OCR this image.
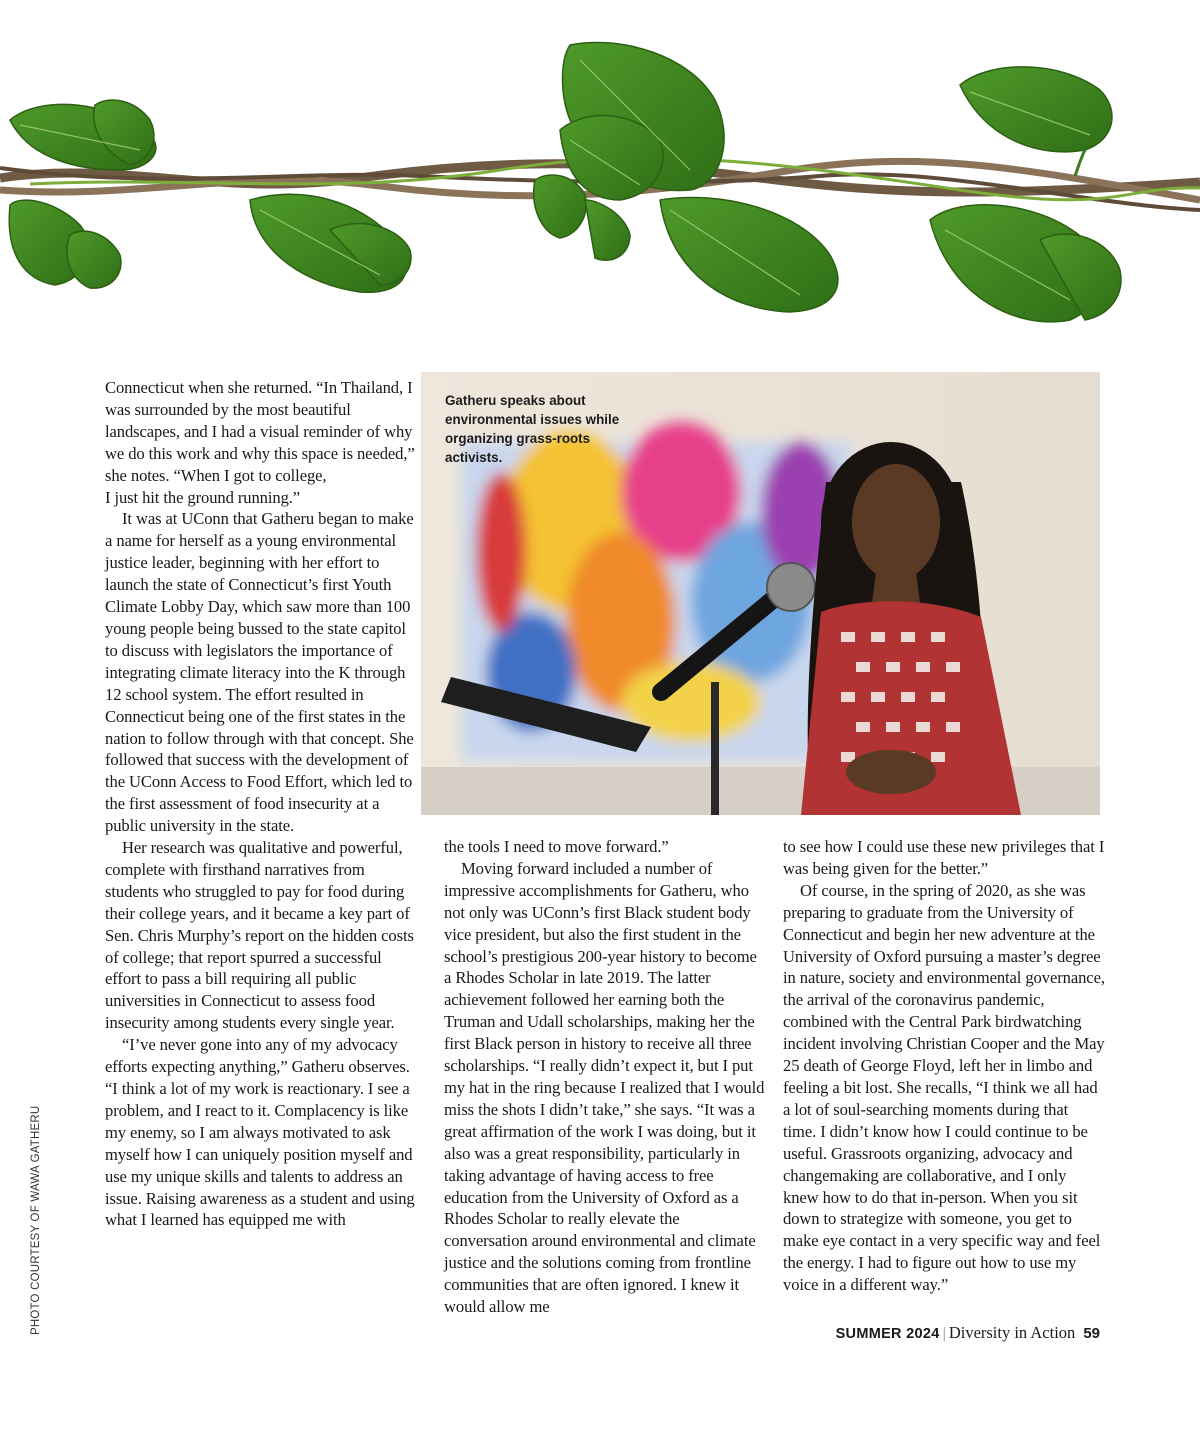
Connecticut when she returned. “In Thailand, I was surrounded by the most beautiful landscapes, and I had a visual reminder of why we do this work and why this space is needed,” she notes. “When I got to college,

I just hit the ground running.”

It was at UConn that Gatheru began to make a name for herself as a young environmental justice leader, beginning with her effort to launch the state of Connecticut’s first Youth Climate Lobby Day, which saw more than 100 young people being bussed to the state capitol to discuss with legislators the importance of integrating climate literacy into the K through 12 school system. The effort resulted in Connecticut being one of the first states in the nation to follow through with that concept. She followed that success with the development of the UConn Access to Food Effort, which led to the first assessment of food insecurity at a public university in the state.

Her research was qualitative and powerful, complete with firsthand narratives from students who struggled to pay for food during their college years, and it became a key part of Sen. Chris Murphy’s report on the hidden costs of college; that report spurred a successful effort to pass a bill requiring all public universities in Connecticut to assess food insecurity among students every single year.

“I’ve never gone into any of my advocacy efforts expecting anything,” Gatheru observes. “I think a lot of my work is reactionary. I see a problem, and I react to it. Complacency is like my enemy, so I am always motivated to ask myself how I can uniquely position myself and use my unique skills and talents to address an issue. Raising awareness as a student and using what I learned has equipped me with

Gatheru speaks about environmental issues while organizing grass-roots activists.

the tools I need to move forward.”

Moving forward included a number of impressive accomplishments for Gatheru, who not only was UConn’s first Black student body vice president, but also the first student in the school’s prestigious 200-year history to become a Rhodes Scholar in late 2019. The latter achievement followed her earning both the Truman and Udall scholarships, making her the first Black person in history to receive all three scholarships. “I really didn’t expect it, but I put my hat in the ring because I realized that I would miss the shots I didn’t take,” she says. “It was a great affirmation of the work I was doing, but it also was a great responsibility, particularly in taking advantage of having access to free education from the University of Oxford as a Rhodes Scholar to really elevate the conversation around environmental and climate justice and the solutions coming from frontline communities that are often ignored. I knew it would allow me

to see how I could use these new privileges that I was being given for the better.”

Of course, in the spring of 2020, as she was preparing to graduate from the University of Connecticut and begin her new adventure at the University of Oxford pursuing a master’s degree in nature, society and environmental governance, the arrival of the coronavirus pandemic, combined with the Central Park birdwatching incident involving Christian Cooper and the May 25 death of George Floyd, left her in limbo and feeling a bit lost. She recalls, “I think we all had a lot of soul-searching moments during that time. I didn’t know how I could continue to be useful. Grassroots organizing, advocacy and changemaking are collaborative, and I only knew how to do that in-person. When you sit down to strategize with someone, you get to make eye contact in a very specific way and feel the energy. I had to figure out how to use my voice in a different way.”

PHOTO COURTESY OF WAWA GATHERU	SUMMER 2024 | Diversity in Action 59
